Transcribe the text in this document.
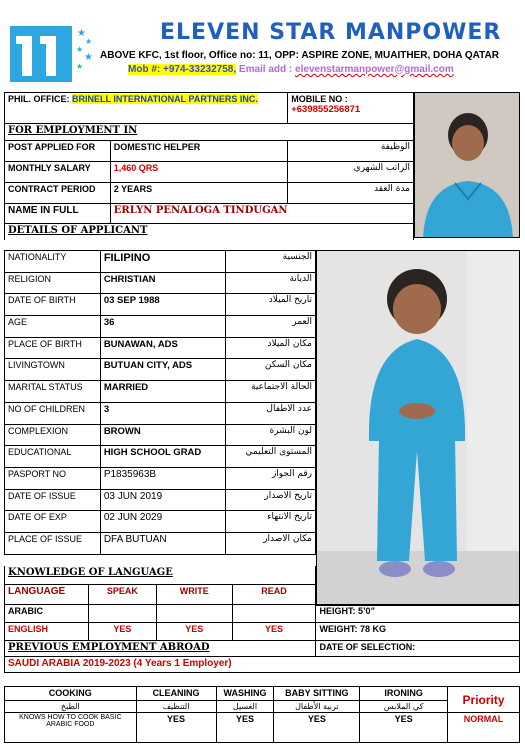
★
★
★
★
★
ELEVEN STAR MANPOWER
ABOVE KFC, 1st floor, Office no: 11, OPP: ASPIRE ZONE, MUAITHER, DOHA QATAR
Mob #: +974-33232758, Email add : elevenstarmanpower@gmail.com
PHIL. OFFICE: BRINELL INTERNATIONAL PARTNERS INC.		MOBILE NO : +639855256871
FOR EMPLOYMENT IN		
POST APPLIED FOR	DOMESTIC HELPER	الوظيفة
MONTHLY SALARY	1,460 QRS	الراتب الشهري
CONTRACT PERIOD	2 YEARS	مدة العقد
NAME IN FULL	ERLYN PENALOGA TINDUGAN	
DETAILS OF APPLICANT		
NATIONALITY	FILIPINO	الجنسية
RELIGION	CHRISTIAN	الديانة
DATE OF BIRTH	03 SEP 1988	تاريخ الميلاد
AGE	36	العمر
PLACE OF BIRTH	BUNAWAN, ADS	مكان الميلاد
LIVINGTOWN	BUTUAN CITY, ADS	مكان السكن
MARITAL STATUS	MARRIED	الحالة الاجتماعية
NO OF CHILDREN	3	عدد الاطفال
COMPLEXION	BROWN	لون البشرة
EDUCATIONAL	HIGH SCHOOL GRAD	المستوى التعليمي
PASPORT NO	P1835963B	رقم الجواز
DATE OF ISSUE	03 JUN 2019	تاريخ الاصدار
DATE OF EXP	02 JUN 2029	تاريخ الانتهاء
PLACE OF ISSUE	DFA BUTUAN	مكان الاصدار
KNOWLEDGE OF LANGUAGE				
LANGUAGE	SPEAK	WRITE	READ	
ARABIC				HEIGHT: 5’0”
ENGLISH	YES	YES	YES	WEIGHT: 78 KG
PREVIOUS EMPLOYMENT ABROAD				DATE OF SELECTION:
SAUDI ARABIA 2019-2023 (4 Years 1 Employer)				
COOKING	CLEANING	WASHING	BABY SITTING	IRONING	Priority
الطبخ	التنظيف	الغسيل	تربية الأطفال	كي الملابس	
KNOWS HOW TO COOK BASIC ARABIC FOOD	YES	YES	YES	YES	NORMAL
